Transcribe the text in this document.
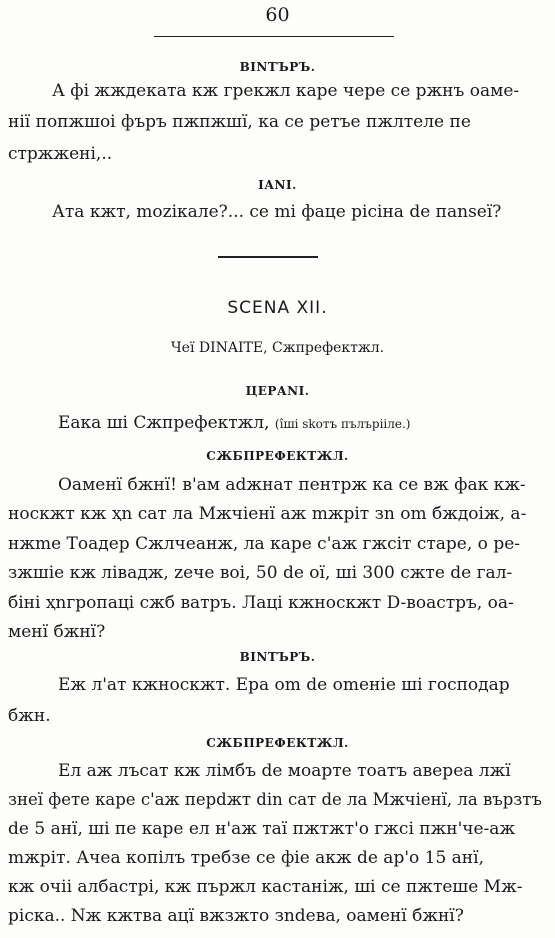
60
ВІNТЪРЪ.
А фі жждеката кж грекжл каре чере се ржнъ оамe-
нiї попжшоi фъръ пжпжшї, ка се ретъе пжлтеле пе
стржжені,..
ІАNІ.
Ата кжт, mozікале?... се mі фаце ріcіна de пansеї?
SCENA XII.
Чеї DINAITE, Сжпрефектжл.
ЦЕРАNІ.
Еака ші Сжпрефектжл, (îші skoтъ пълърііле.)
СЖБПРЕФЕКТЖЛ.
Оаменї бжнї! в'ам adжнат пентрж ка се вж фак кж-
носкжт кж ҳn сат ла Мжчіенї аж mжріт зn om бждоіж, а-
нжmе Тоадер Сжлчеанж, ла каре с'аж гжсіт старе, о ре-
зжшіе кж лівадж, zече воі, 50 de oї, ші 300 сжте de гал-
біні ҳnгропаці сжб ватръ. Лаці кжноскжт D-воастръ, оа-
менї бжнї?
ВІNТЪРЪ.
Еж л'ат кжноскжт. Ера om de omеніе ші господар
бжн.
СЖБПРЕФЕКТЖЛ.
Ел аж лъсат кж лімбъ de моарте тоатъ аверea лжї
знеї фете каре с'аж перdжт din сат de ла Мжчіенї, ла вързтъ
de 5 анї, ші пе каре ел н'аж таї пжтжт'о гжсі пжн'че-аж
mжріт. Ачеа копілъ требзе се фіе акж de ар'о 15 анї,
кж очіі албастрі, кж пържл кастаніж, ші се пжтеше Мж-
ріска.. Nж кжтва ацї вжзжто зndева, оаменї бжнї?
